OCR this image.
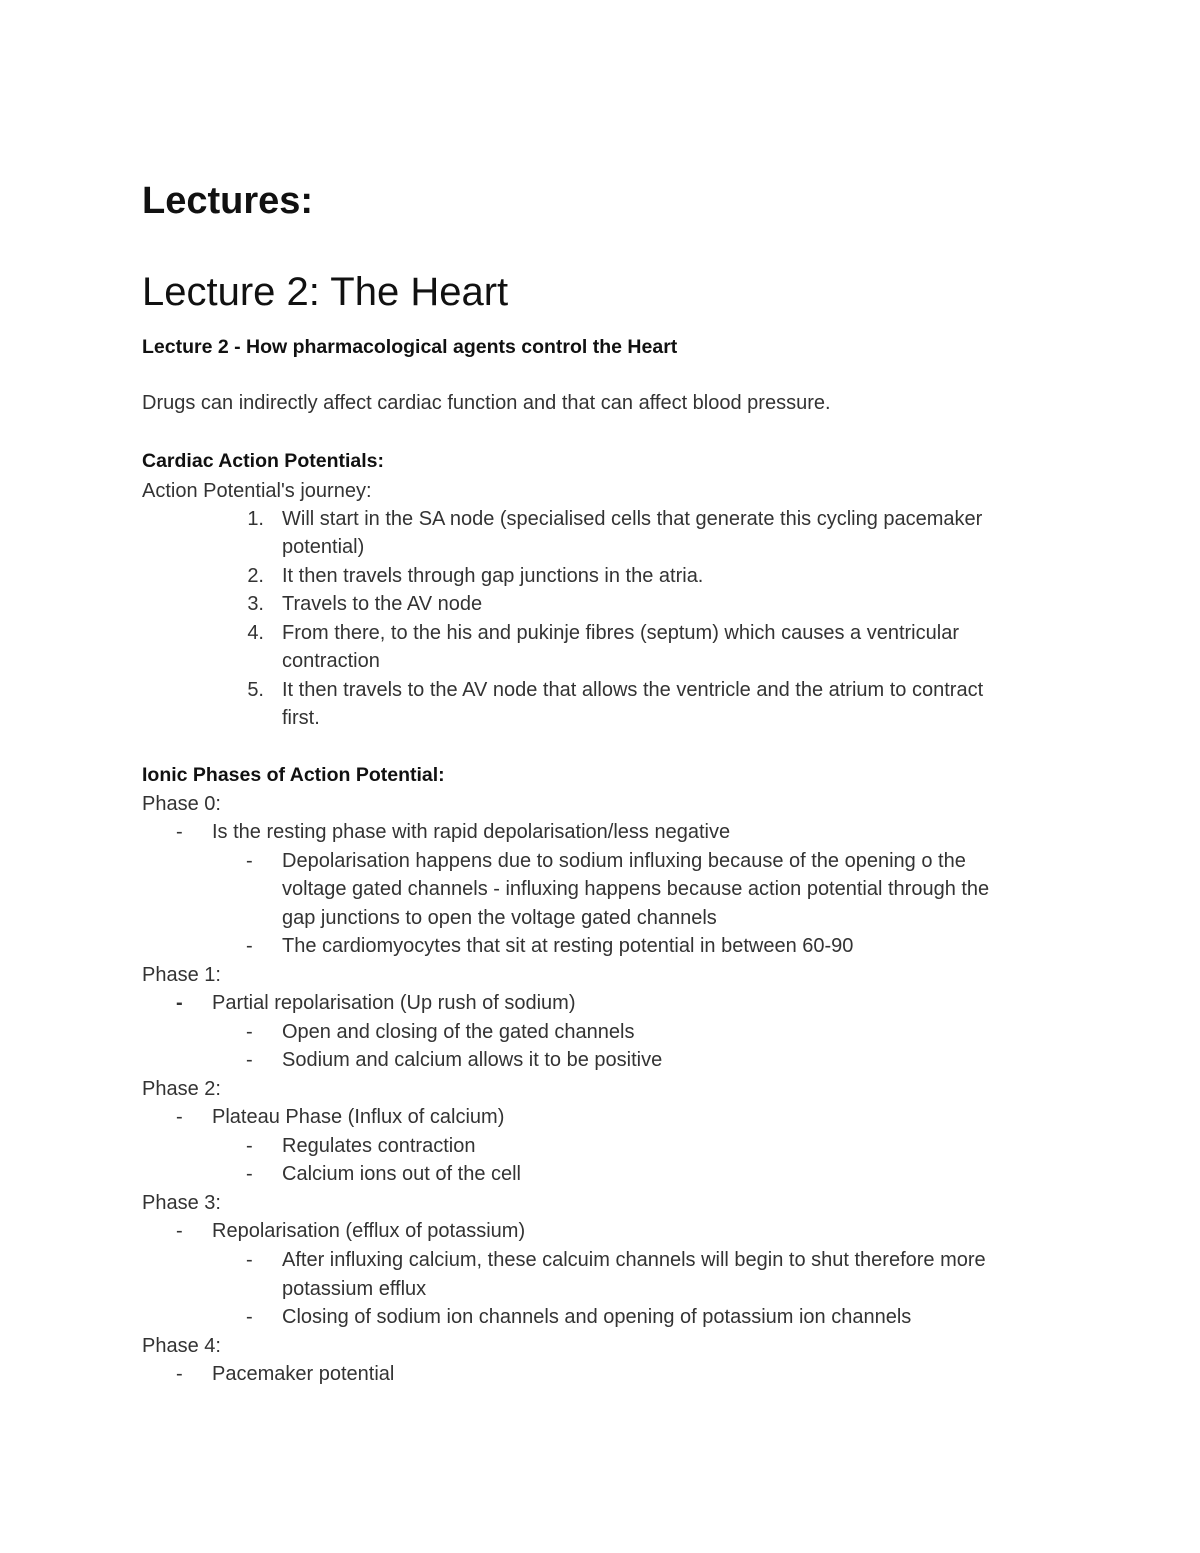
Lectures:
Lecture 2: The Heart
Lecture 2 - How pharmacological agents control the Heart
Drugs can indirectly affect cardiac function and that can affect blood pressure.
Cardiac Action Potentials:
Action Potential's journey:
1. Will start in the SA node (specialised cells that generate this cycling pacemaker
potential)
2. It then travels through gap junctions in the atria.
3. Travels to the AV node
4. From there, to the his and pukinje fibres (septum) which causes a ventricular
contraction
5. It then travels to the AV node that allows the ventricle and the atrium to contract
first.
Ionic Phases of Action Potential:
Phase 0:
- Is the resting phase with rapid depolarisation/less negative
- Depolarisation happens due to sodium influxing because of the opening o the
voltage gated channels - influxing happens because action potential through the
gap junctions to open the voltage gated channels
- The cardiomyocytes that sit at resting potential in between 60-90
Phase 1:
- Partial repolarisation (Up rush of sodium)
- Open and closing of the gated channels
- Sodium and calcium allows it to be positive
Phase 2:
- Plateau Phase (Influx of calcium)
- Regulates contraction
- Calcium ions out of the cell
Phase 3:
- Repolarisation (efflux of potassium)
- After influxing calcium, these calcuim channels will begin to shut therefore more
potassium efflux
- Closing of sodium ion channels and opening of potassium ion channels
Phase 4:
- Pacemaker potential
